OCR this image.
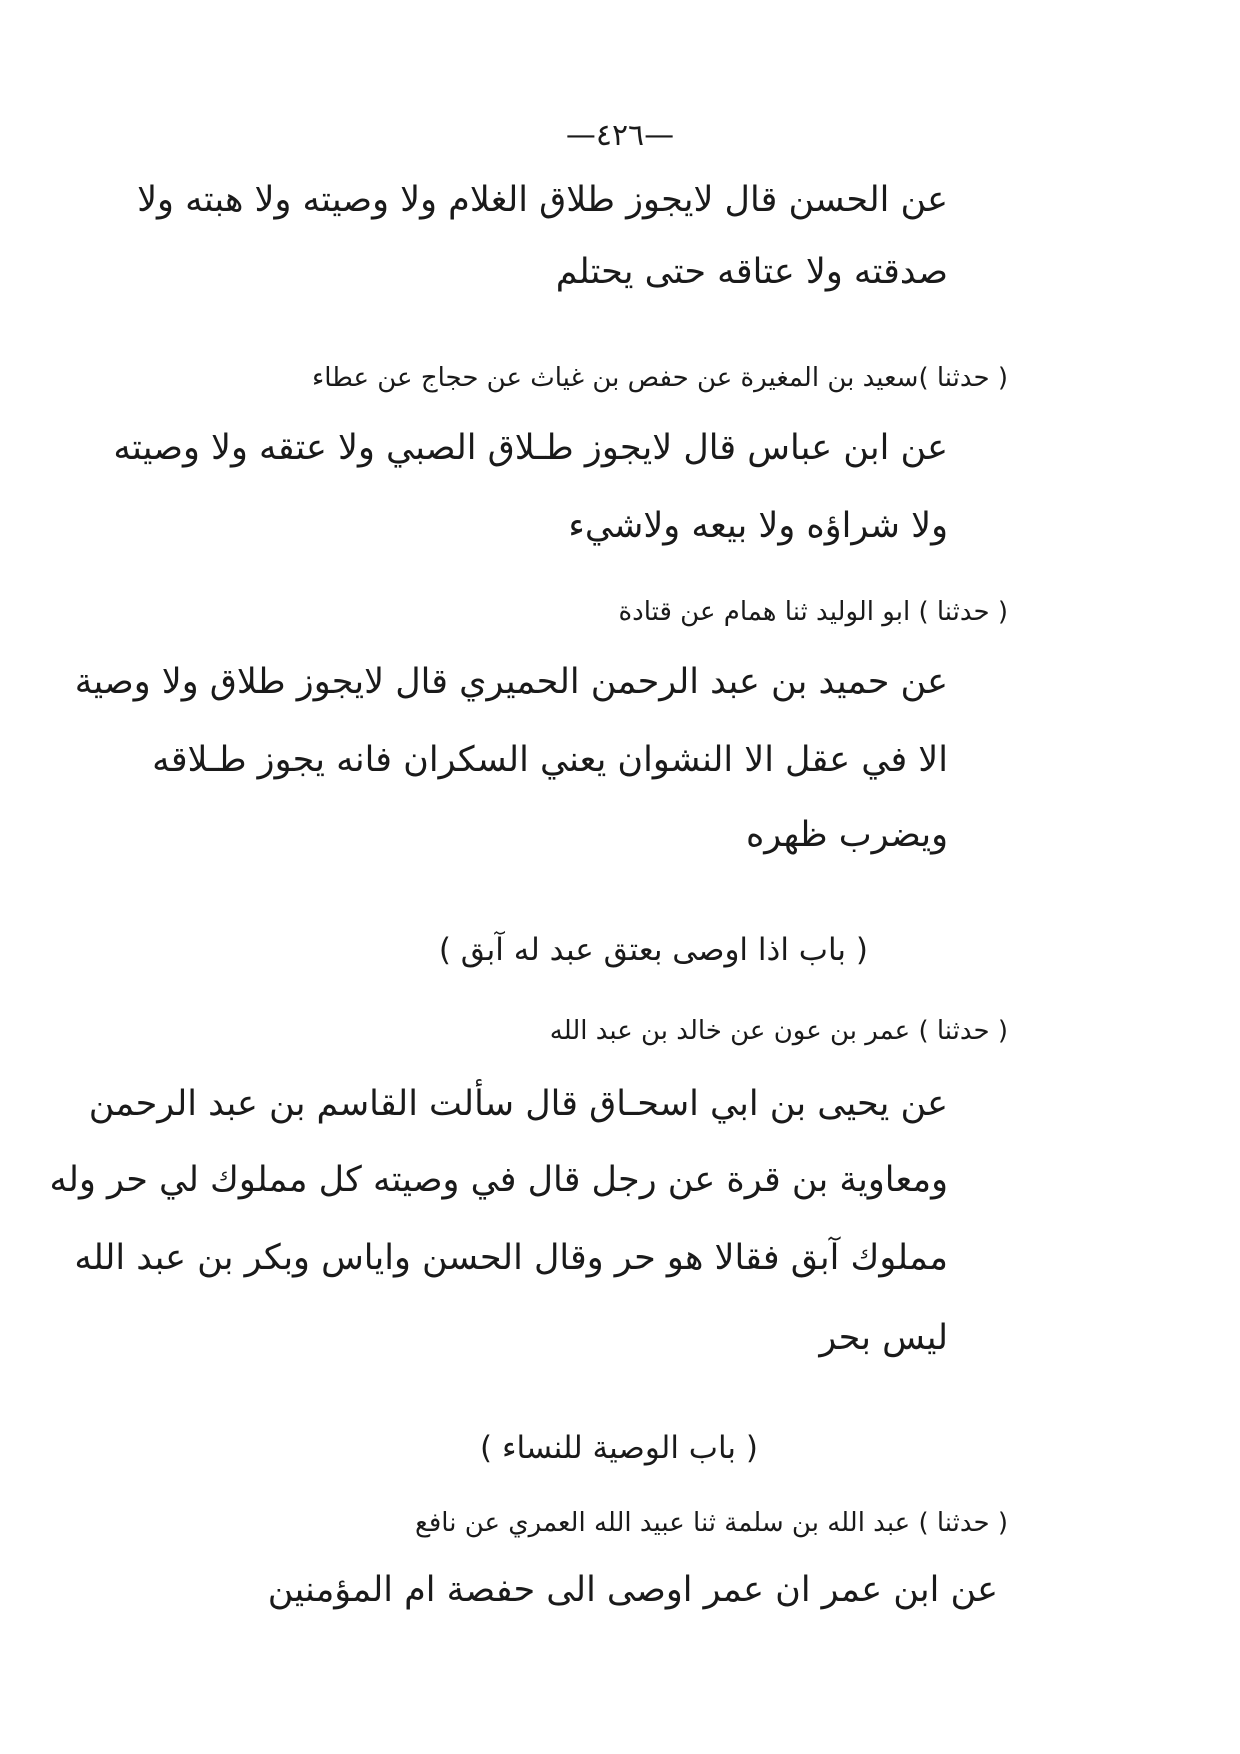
—٤٢٦—
عن الحسن قال لايجوز طلاق الغلام ولا وصيته ولا هبته ولا
صدقته ولا عتاقه حتى يحتلم
( حدثنا )سعيد بن المغيرة عن حفص بن غياث عن حجاج عن عطاء
عن ابن عباس قال لايجوز طـلاق الصبي ولا عتقه ولا وصيته
ولا شراؤه ولا بيعه ولاشيء
( حدثنا ) ابو الوليد ثنا همام عن قتادة
عن حميد بن عبد الرحمن الحميري قال لايجوز طلاق ولا وصية
الا في عقل الا النشوان يعني السكران فانه يجوز طـلاقه
ويضرب ظهره
( باب اذا اوصى بعتق عبد له آبق )
( حدثنا ) عمر بن عون عن خالد بن عبد الله
عن يحيى بن ابي اسحـاق قال سألت القاسم بن عبد الرحمن
ومعاوية بن قرة عن رجل قال في وصيته كل مملوك لي حر وله
مملوك آبق فقالا هو حر وقال الحسن واياس وبكر بن عبد الله
ليس بحر
( باب الوصية للنساء )
( حدثنا ) عبد الله بن سلمة ثنا عبيد الله العمري عن نافع
عن ابن عمر ان عمر اوصى الى حفصة ام المؤمنين
